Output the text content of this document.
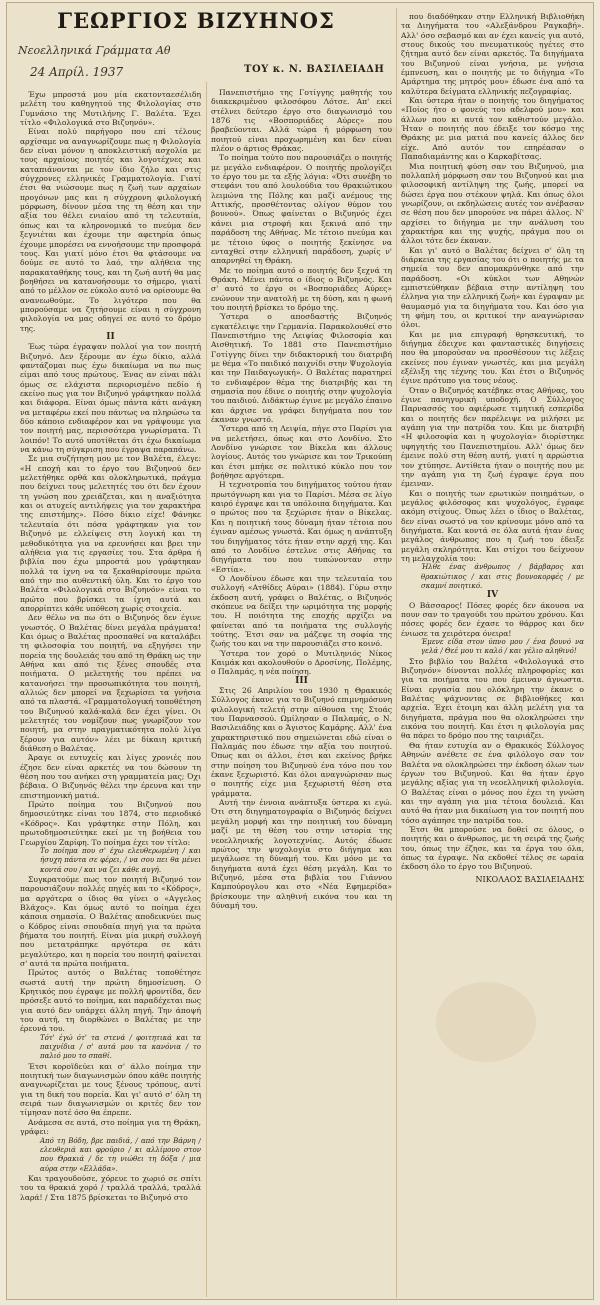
ΓΕΩΡΓΙΟΣ ΒΙΖΥΗΝΟΣ
Νεοελληνικά Γράμματα Αθ
24 Απρίλ. 1937	ΤΟΥ κ. Ν. ΒΑΣΙΛΕΙΑΔΗ

Έχω μπροστά μου μία εκατονταεσέλιδη μελέτη του καθηγητού της Φιλολογίας στο Γυμνάσιο της Μυτιλήνης Γ. Βαλέτα. Έχει τίτλο «Φιλολογικά στο Βιζυηνόν».

Είναι πολύ παρήγορο που επί τέλους αρχίσαμε να αναγνωρίζουμε πως η Φιλολογία δεν είναι μόνον η αποκλειστική ασχολία με τους αρχαίους ποιητές και λογοτέχνες και καταπιάνονται με τον ίδιο ζήλο και στις σύγχρονες ελληνικές Γραμματολογία. Γιατί έτσι θα νιώσουμε πως η ζωή των αρχαίων προγόνων μας και η σύγχρονη φιλολογική μόρφωση, δίνουν μέσα της τη θέση και την αξία του θέλει ενιαίου από τη τελευταία, όπως και τα κληρονομικά το πνεύμα δεν ξεγνιέται και έχουμε την αφετηρία όπως έχουμε μπορέσει να εννοήσουμε την προσφορά τους. Και γιατί μόνο έτσι θα φτάσουμε να δούμε σε αυτό το λαό, την αλήθεια της παρακαταθήκης τους, και τη ζωή αυτή θα μας βοηθήσει να κατανοήσουμε το σήμερο, γιατί από το μέλλον σε εύκολο αυτό να ορίσουμε θα ανανεωθούμε. Το λιγότερο που θα μπορούσαμε να ζητήσουμε είναι η σύγχρονη φιλολογία να μας οδηγεί σε αυτό το δρόμο της.

II

Έως τώρα έγραψαν πολλοί για τον ποιητή Βιζυηνό. Δεν ξέρουμε αν έχω δίκιο, αλλά φαντάζομαι πως έχω δικαίωμα να πω πως είμαι από τους πρώτους. Ένας αν είναι πάλι όμως σε ελάχιστα περιορισμένο πεδίο ή εκείνο πως για τον Βιζυηνό γράφτηκαν πολλά και διάφορα. Είναι όμως πάντα κάτι ανάγκη να μεταφέρω εκεί που πάντως να πληρώσω τα δύο κάποιο ενδιαφέρον και να γράψουμε για τον ποιητή μας, περισσότερα γνωρίσματα. Τι λοιπόν! Το αυτό υποτίθεται ότι έχω δικαίωμα να κάνω τη σύγκριση που έγραψα παραπάνω.

Σε μια συζήτηση μου με τον Βαλέτα, έλεγε: «Η εποχή και το έργο του Βιζυηνού δεν μελετήθηκε ορθά και ολοκληρωτικά, πράγμα που δείχνει τους μελετητές του ότι δεν έχουν τη γνώση που χρειάζεται, και η αναξιότητα και οι ατυχείς αντιλήψεις για τον χαρακτήρα της επιστήμης». Πόσο δίκιο είχε! Φάνηκε τελευταία ότι πόσα γράφτηκαν για τον Βιζυηνό με ελλείψεις στη λογική και τη μεθοδικότητα για να ερευνήσει και βρει την αλήθεια για τις εργασίες του. Στα άρθρα ή βιβλία που έχω μπροστά μου γράφτηκαν πολλά τα ίχνη να τα ξεκαθαρίσουμε πρώτα από την πιο αυθεντική ύλη. Και το έργο του Βαλέτα «Φιλολογικά στο Βιζυηνόν» είναι το πρώτο που βρίσκει τα ίχνη αυτά και απορρίπτει κάθε υπόθεση χωρίς στοιχεία.

Δεν θέλω να πω ότι ο Βιζυηνός δεν έγινε γνωστός. Ο Βαλέτας δίνει μεγάλα πράγματα! Και όμως ο Βαλέτας προσπαθεί να καταλάβει τη φιλοσοφία του ποιητή, να εξηγήσει την πορεία της δουλειάς του από τη Θράκη ως την Αθήνα και από τις ξένες σπουδές στα ποιήματα. Ο μελετητής του πρέπει να κατανοήσει την προσωπικότητα του ποιητή, αλλιώς δεν μπορεί να ξεχωρίσει τα γνήσια από τα πλαστά. «Γραμματολογική τοποθέτηση του Βιζυηνού καλά-καλά δεν έχει γίνει. Οι μελετητές του νομίζουν πως γνωρίζουν τον ποιητή, μα στην πραγματικότητα πολύ λίγα ξέρουν για αυτόν» λέει με δίκαιη κριτική διάθεση ο Βαλέτας.

Άραγε οι ευτυχείς και λίγες χρονιές που έζησε δεν είναι αρκετές να του δώσουν τη θέση που του ανήκει στη γραμματεία μας; Όχι βέβαια. Ο Βιζυηνός θέλει την έρευνα και την επιστημονική ματιά.

Πρώτο ποίημα του Βιζυηνού που δημοσιεύτηκε είναι του 1874, στο περιοδικό «Κόδρος». Και γράφτηκε στην Πόλη, και πρωτοδημοσιεύτηκε εκεί με τη βοήθεια του Γεωργίου Ζαρίφη. Το ποίημα έχει τον τίτλο:

Το ποίημα που σ' έχω ελευθερωμένη / και ήσυχη πάντα σε φέρει, / να σου πει θα μένει κοντά σου / και να ζει κάθε αυγή.

Συγκρατούμε πως τον ποιητή Βιζυηνό τον παρουσιάζουν πολλές πηγές και το «Κόδρος», μα αργότερα ο ίδιος θα γίνει ο «Αγγελος Βλάχος». Και όμως αυτό το ποίημα έχει κάποια σημασία. Ο Βαλέτας αποδεικνύει πως ο Κόδρος είναι σπουδαία πηγή για τα πρώτα βήματα του ποιητή. Είναι μία μικρή συλλογή που μετατράπηκε αργότερα σε κάτι μεγαλύτερο, και η πορεία του ποιητή φαίνεται σ' αυτά τα πρώτα ποιήματα.

Πρώτος αυτός ο Βαλέτας τοποθέτησε σωστά αυτή την πρώτη δημοσίευση. Ο Κρητικός που έγραψε με πολλή φροντίδα, δεν πρόσεξε αυτό το ποίημα, και παραδέχεται πως για αυτό δεν υπάρχει άλλη πηγή. Την άποψή του αυτή, τη διορθώνει ο Βαλέτας με την έρευνά του.

Τότ' έγώ ότ' τα στενά / φοιτητικά και τα παιχνίδια / σ' αυτά μου τα κανόνια / το παλιό μου το σπαθί.

Έτσι κοροϊδεύει και σ' άλλο ποίημα την ποιητική των διαγωνισμών όπου κάθε ποιητής αναγνωρίζεται με τους ξένους τρόπους, αντί για τη δική του πορεία. Και γι' αυτό σ' όλη τη σειρά των διαγωνισμών οι κριτές δεν τον τίμησαν ποτέ όσο θα έπρεπε.

Ανάμεσα σε αυτά, στο ποίημα για τη Θράκη, γράφει:

Από τη Βόδη, βρε παιδιά, / από την Βάρνη / ελευθεριά και φρούριο / κι αλλίμονο στον που Θρακιά / δε τη νιώθει τη δόξα / μια αύρα στην «Ελλάδα».

Και τραγουδούσε, χόρευε το χωριό σε σπίτι του τα θρακιά χορό / τραλλά τραλλά, τραλλά λαρά! / Στα 1875 βρίσκεται το Βιζυηνό στο

Πανεπιστήμιο της Γοτίγγης μαθητής του διακεκριμένου φιλοσόφου Λότσε. Απ' εκεί στέλνει δεύτερο έργο στο διαγωνισμό του 1876 τις «Βοσποριάδες Αύρες» που βραβεύονται. Αλλά τώρα ή μόρφωση του ποιητού είναι προχωρημένη και δεν είναι πλέον ο άρτιος Θράκας.

Το ποίημα τούτο που παρουσιάζει ο ποιητής με μεγάλο ενδιαφέρον. Ο ποιητής προλογίζει το έργο του με τα εξής λόγια: «Ότι συνέβη το στεφάνι του από λουλούδια του θρακιώτικου λειμώνα της Πόλης και μαζί ανέμους της Αττικής, προσθέτοντας ολίγον θύμον του βουνού». Όπως φαίνεται ο Βιζυηνός έχει κάνει μια στροφή και ξεκινά από την παράδοση της Αθήνας. Με τέτοιο πνεύμα και με τέτοιο ύφος ο ποιητής ξεκίνησε να ενταχθεί στην ελληνική παράδοση, χωρίς ν' απαρνηθεί τη Θράκη.

Με το ποίημα αυτό ο ποιητής δεν ξεχνά τη Θράκη. Μένει πάντα ο ίδιος ο Βιζυηνός. Και σ' αυτό το έργο οι «Βοσποριάδες Αύρες» ενώνουν την ανατολή με τη δύση, και η φωνή του ποιητή βρίσκει το δρόμο της.

Ύστερα ο αποσδαστής Βιζυηνός εγκατέλειψε την Γερμανία. Παρακολουθεί στο Πανεπιστήμιο της Λειψίας Φιλοσοφία και Αισθητική. Το 1881 στο Πανεπιστήμιο Γοτίγγης δίνει την διδακτορική του διατριβή με θέμα «Το παιδικό παιχνίδι στην Ψυχολογία και την Παιδαγωγική». Ο Βαλέτας παρατηρεί το ενδιαφέρον θέμα της διατριβής και τη σημασία που έδινε ο ποιητής στην ψυχολογία του παιδιού. Διδάκτωρ έγινε με μεγάλο έπαινο και άρχισε να γράφει διηγήματα που τον έκαναν γνωστό.

Ύστερα από τη Λειψία, πήγε στο Παρίσι για να μελετήσει, όπως και στο Λονδίνο. Στο Λονδίνο γνώρισε τον Βίκελα και άλλους λογίους. Αυτός του γνώρισε και τον Τρικούπη και έτσι μπήκε σε πολιτικό κύκλο που τον βοήθησε αργότερα.

Η τεχνοτροπία του διηγήματος τούτου ήταν πρωτόγνωρη και για το Παρίσι. Μέσα σε λίγο καιρό έγραψε και τα υπόλοιπα διηγήματα. Και ο πρώτος που τα ξεχώρισε ήταν ο Βίκελας. Και η ποιητική τους δύναμη ήταν τέτοια που έγιναν αμέσως γνωστά. Και όμως η ανάπτυξη του διηγήματος τότε ήταν στην αρχή της. Και από το Λονδίνο έστελνε στις Αθήνας τα διηγήματα του που τυπώνονταν στην «Εστία».

Ο Λονδίνου έδωσε και την τελευταία του συλλογή «Ατθίδες Αύραι» (1884). Γύρω στην έκδοση αυτή, γράφει ο Βαλέτας, ο Βιζυηνός σκόπευε να δείξει την ωριμότητα της μορφής του. Η ποιότητα της εποχής αρχίζει να φαίνεται από τα ποιήματα της συλλογής τούτης. Έτσι σαν να μάζεψε τη σοφία της ζωής του και να την παρουσιάζει στο κοινό.

Ύστερα τον χορό ο Μυτιληνιός Νίκος Καιμάκ και ακολουθούν ο Δροσίνης, Πολέμης, ο Παλαμάς, η νέα ποίηση.

III

Στις 26 Απριλίου του 1930 η Θρακικός Σύλλογος έκανε για το Βιζυηνό επιμνημόσυνη φιλολογική τελετή στην αίθουσα της Στοάς του Παρνασσού. Ωμίλησαν ο Παλαμάς, ο Ν. Βασιλειάδης και ο Άγιστος Καμάρης. Αλλ' ένα χαρακτηριστικό που σημειώνεται εδώ είναι ο Παλαμάς που έδωσε την αξία του ποιητού. Όπως και οι άλλοι, έτσι και εκείνος βρήκε στην ποίηση του Βιζυηνού ένα τόνο που τον έκανε ξεχωριστό. Και όλοι αναγνώρισαν πως ο ποιητής είχε μια ξεχωριστή θέση στα γράμματα.

Αυτή την έννοια ανάπτυξα ύστερα κι εγώ. Ότι στη διηγηματογραφία ο Βιζυηνός δείχνει μεγάλη μορφή και την ποιητική του δύναμη μαζί με τη θέση του στην ιστορία της νεοελληνικής λογοτεχνίας. Αυτός έδωσε πρώτος την ψυχολογία στο διήγημα και μεγάλωσε τη δύναμή του. Και μόνο με τα διηγήματα αυτά έχει θέση μεγάλη. Και το Βιζυηνό, μέσα στα βιβλία του Γιάννου Καμπούρογλου και στο «Νέα Εφημερίδα» βρίσκουμε την αληθινή εικόνα του και τη δύναμή του.

που διαδόθηκαν στην Ελληνική Βιβλιοθήκη τα Διηγήματα του «Αλεξάνδρου Ραγκαβή». Αλλ' όσο σεβασμό και αν έχει κανείς για αυτό, στους δικούς του πνευματικούς ηγέτες στο ζήτημα αυτό δεν είναι αρκετός. Τα διηγήματα του Βιζυηνού είναι γνήσια, με γνήσια έμπνευση, και ο ποιητής με το διήγημα «Το Αμάρτημα της μητρός μου» έδωσε ένα από τα καλύτερα δείγματα ελληνικής πεζογραφίας.

Και ύστερα ήταν ο ποιητής του διηγήματος «Ποίος ήτο ο φονεύς του αδελφού μου» και άλλων που κι αυτά τον καθιστούν μεγάλο. Ήταν ο ποιητής που έδειξε τον κόσμο της Θράκης με μια ματιά που κανείς άλλος δεν είχε. Από αυτόν τον επηρέασαν ο Παπαδιαμάντης και ο Καρκαβίτσας.

Μια ποιητική φύση σαν του Βιζυηνού, μια πολλαπλή μόρφωση σαν του Βιζυηνού και μια φιλοσοφική αντίληψη της ζωής, μπορεί να δώσει έργα που στέκουν ψηλά. Και όπως όλοι γνωρίζουν, οι εκδηλώσεις αυτές τον ανέβασαν σε θέση που δεν μπορούσε να πάρει άλλος. Ν' αρχίσει το διήγημα με την ανάλυση του χαρακτήρα και της ψυχής, πράγμα που οι άλλοι τότε δεν έκαναν.

Και γι' αυτό ο Βαλέτας δείχνει σ' όλη τη διάρκεια της εργασίας του ότι ο ποιητής με τα σημεία του δεν απομακρύνθηκε από την παράδοση. «Οι κύκλοι των Αθηνών εμπιστεύθηκαν βέβαια στην αντίληψη του έλληνα για την ελληνική ζωή» και έγραψαν με θαυμασμό για τα διηγήματα του. Και όσο για τη φήμη του, οι κριτικοί την αναγνώρισαν όλοι.

Και με μια επιγραφή θρησκευτική, το διήγημα έδειχνε και φανταστικές διηγήσεις που θα μπορούσαν να προσθέσουν τις λέξεις εκείνες που έγιναν γνωστές, και μια μεγάλη εξέλιξη της τέχνης του. Και έτσι ο Βιζυηνός έγινε πρότυπο για τους νέους.

Όταν ο Βιζυηνός κατέβηκε στας Αθήνας, του έγινε πανηγυρική υποδοχή. Ο Σύλλογος Παρνασσός του αφιέρωσε τιμητική εσπερίδα και ο ποιητής δεν παρέλειψε να μιλήσει με αγάπη για την πατρίδα του. Και με διατριβή «Η φιλοσοφία και η ψυχολογία» διορίστηκε υφηγητής του Πανεπιστημίου. Αλλ' όμως δεν έμεινε πολύ στη θέση αυτή, γιατί η αρρώστια τον χτύπησε. Αντίθετα ήταν ο ποιητής που με την αγάπη για τη ζωή έγραψε έργα που έμειναν.

Και ο ποιητής των ερωτικών ποιημάτων, ο μεγάλος φιλόσοφος και ψυχολόγος, έγραφε ακόμη στίχους. Όπως λέει ο ίδιος ο Βαλέτας, δεν είναι σωστό να τον κρίνουμε μόνο από τα διηγήματα. Και κοντά σε όλα αυτά ήταν ένας μεγάλος άνθρωπος που η ζωή του έδειξε μεγάλη σκληρότητα. Και στίχοι του δείχνουν τη μελαγχολία του:

Ήλθε ένας άνθρωπος / βάρβαρος και θρακιώτικος / και στις βουνοκορφές / με σκαμνί ποιητικό.

IV

Ο Βάσσαρος! Πόσες φορές δεν άκουσα να πουν σαν το τραγούδι του πρώτου χρόνου. Και πόσες φορές δεν έχασε το θάρρος και δεν ένιωσε τα χειρότερα όνειρα!

Έμενε είδα στον ύπνο μου / ένα βουνό να γελά / Θεέ μου τι καλό / και γέλιο αληθινό!

Στο βιβλίο του Βαλέτα «Φιλολογικά στο Βιζυηνόν» δίνονται πολλές πληροφορίες και για τα ποιήματα του που έμειναν άγνωστα. Είναι εργασία που ολόκληρη την έκανε ο Βαλέτας ψάχνοντας σε βιβλιοθήκες και αρχεία. Έχει έτοιμη και άλλη μελέτη για τα διηγήματα, πράγμα που θα ολοκληρώσει την εικόνα του ποιητή. Και έτσι η φιλολογία μας θα πάρει το δρόμο που της ταιριάζει.

Θα ήταν ευτυχία αν ο Θρακικός Σύλλογος Αθηνών ανέθετε σε ένα φιλόλογο σαν τον Βαλέτα να ολοκληρώσει την έκδοση όλων των έργων του Βιζυηνού. Και θα ήταν έργο μεγάλης αξίας για τη νεοελληνική φιλολογία. Ο Βαλέτας είναι ο μόνος που έχει τη γνώση και την αγάπη για μια τέτοια δουλειά. Και αυτό θα ήταν μια δικαίωση για τον ποιητή που τόσο αγάπησε την πατρίδα του.

Έτσι θα μπορούσε να δοθεί σε όλους, ο ποιητής και ο άνθρωπος, με τη σειρά της ζωής του, όπως την έζησε, και τα έργα του όλα, όπως τα έγραψε. Να εκδοθεί τέλος σε ωραία έκδοση όλο το έργο του Βιζυηνού.

ΝΙΚΟΛΑΟΣ ΒΑΣΙΛΕΙΑΔΗΣ
